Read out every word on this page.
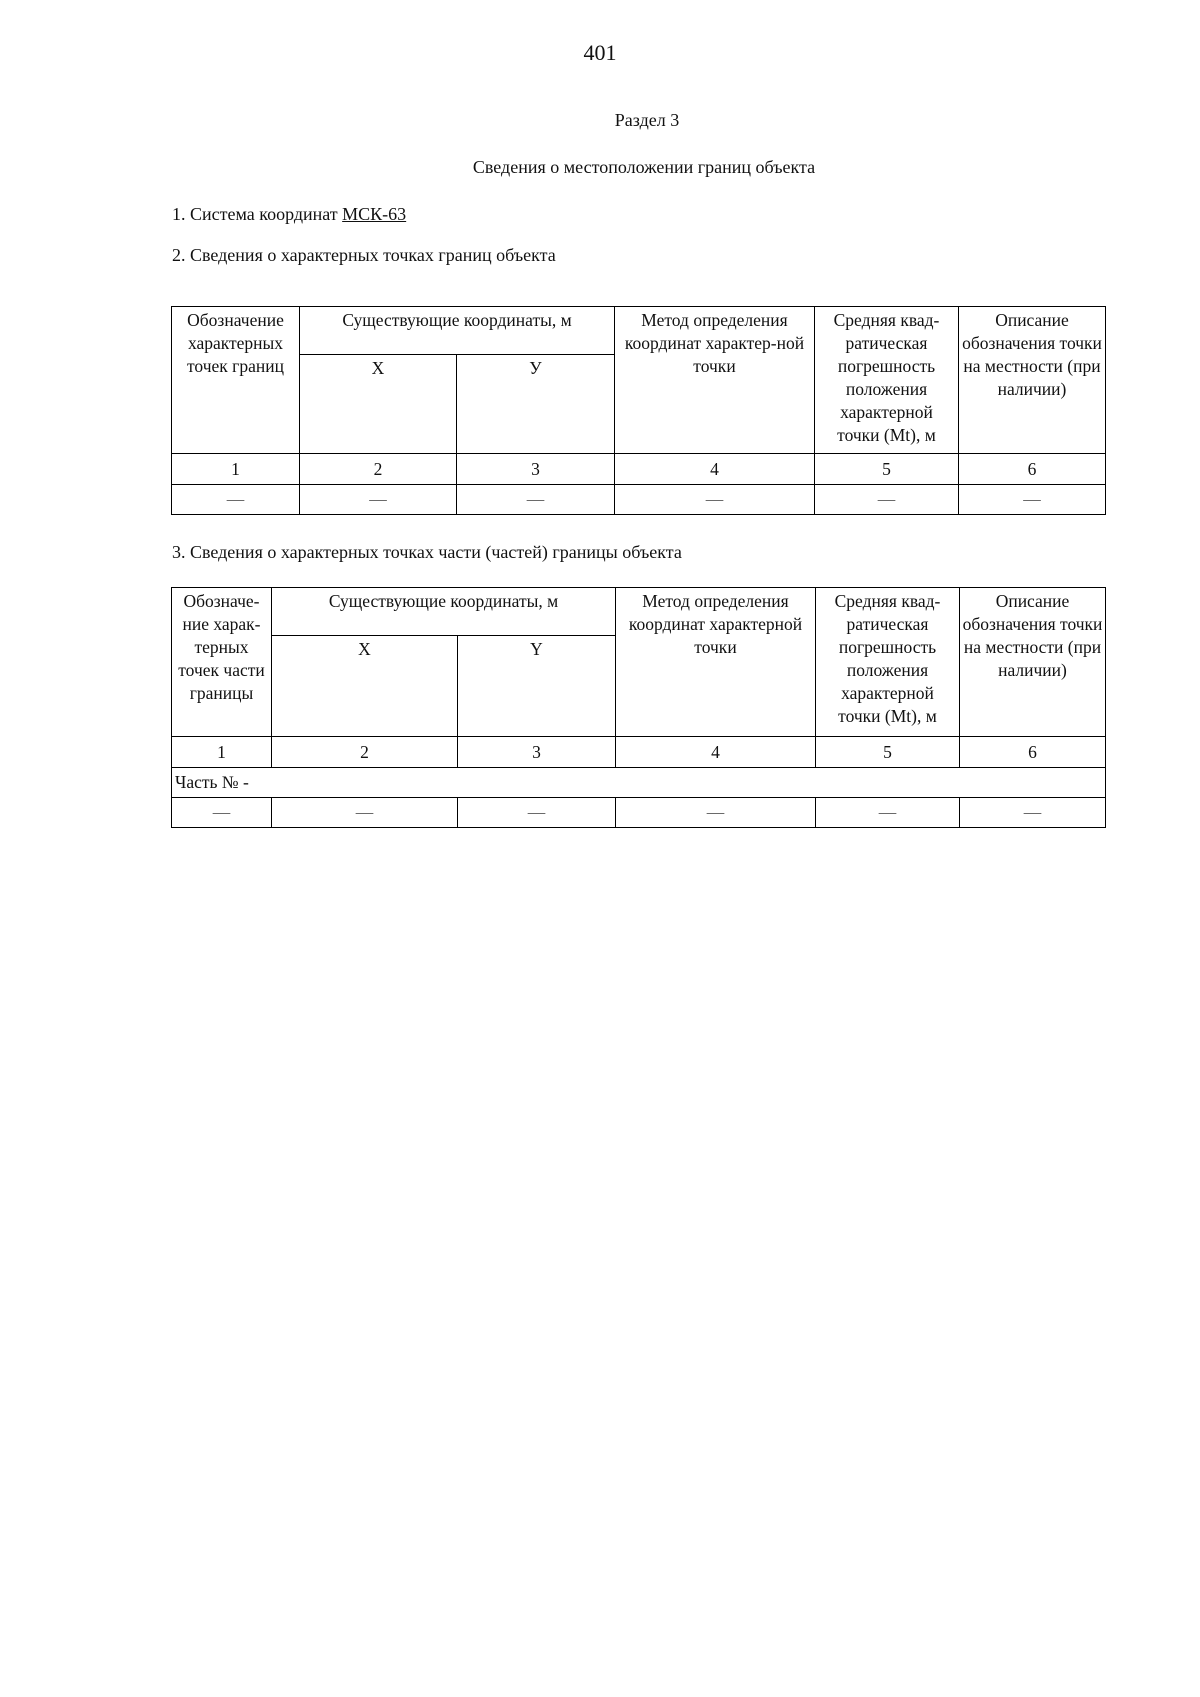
401
Раздел 3
Сведения о местоположении границ объекта
1. Система координат МСК-63
2. Сведения о характерных точках границ объекта
Обозначение характерных точек границ	Существующие координаты, м		Метод определения координат характер-ной точки	Средняя квад-ратическая погрешность положения характерной точки (Mt), м	Описание обозначения точки на местности (при наличии)
	X	У			
1	2	3	4	5	6
—	—	—	—	—	—
3. Сведения о характерных точках части (частей) границы объекта
Обозначе-ние харак-терных точек части границы	Существующие координаты, м		Метод определения координат характерной точки	Средняя квад-ратическая погрешность положения характерной точки (Mt), м	Описание обозначения точки на местности (при наличии)
	X	Y			
1	2	3	4	5	6
Часть № -					
—	—	—	—	—	—
